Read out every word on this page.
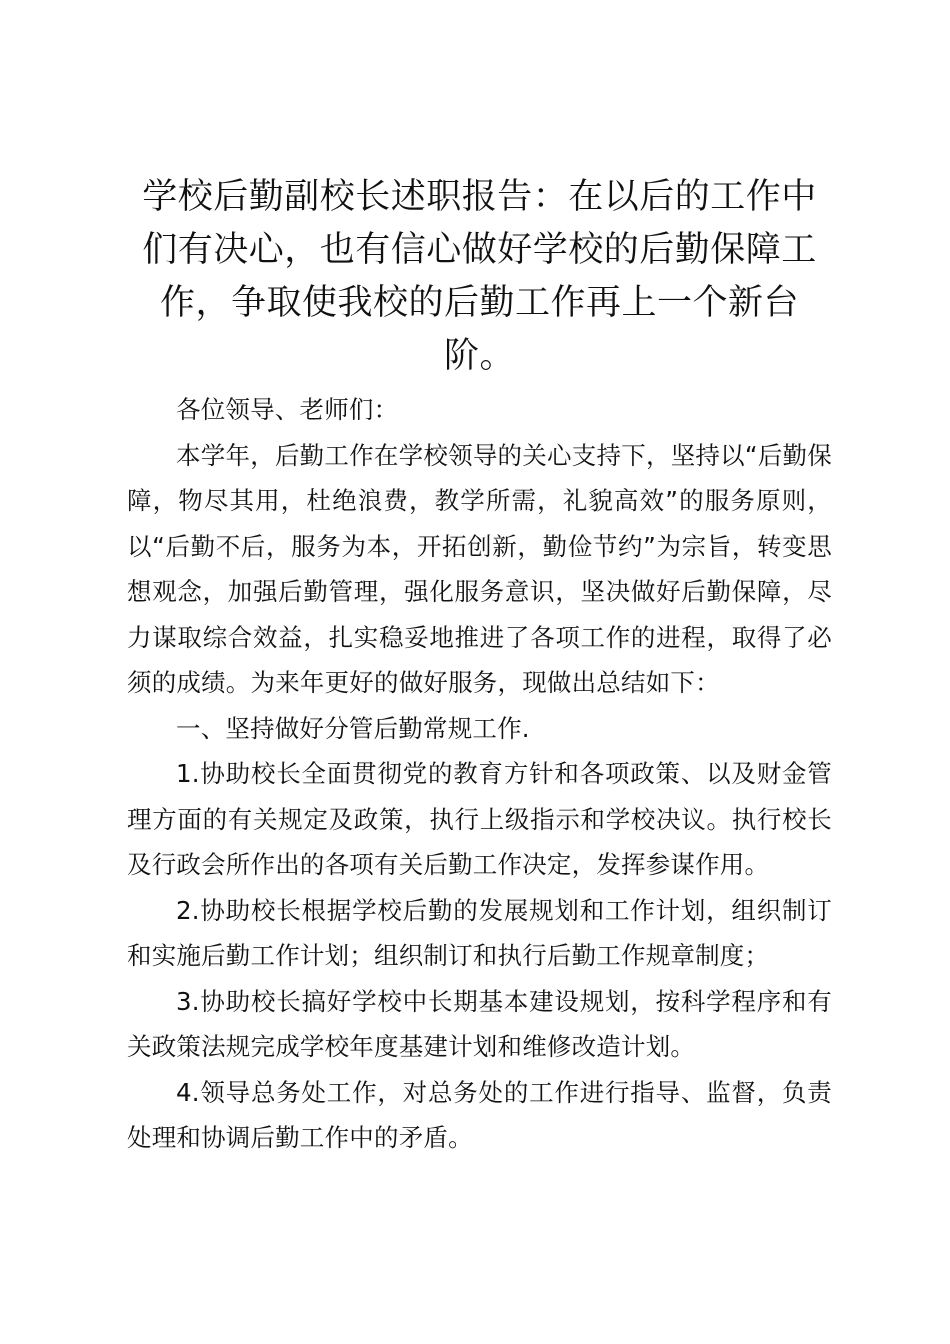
学校后勤副校长述职报告：在以后的工作中们有决心，也有信心做好学校的后勤保障工作，争取使我校的后勤工作再上一个新台阶。

各位领导、老师们：

本学年，后勤工作在学校领导的关心支持下，坚持以“后勤保障，物尽其用，杜绝浪费，教学所需，礼貌高效”的服务原则，以“后勤不后，服务为本，开拓创新，勤俭节约”为宗旨，转变思想观念，加强后勤管理，强化服务意识，坚决做好后勤保障，尽力谋取综合效益，扎实稳妥地推进了各项工作的进程，取得了必须的成绩。为来年更好的做好服务，现做出总结如下：

一、坚持做好分管后勤常规工作.

1.协助校长全面贯彻党的教育方针和各项政策、以及财金管理方面的有关规定及政策，执行上级指示和学校决议。执行校长及行政会所作出的各项有关后勤工作决定，发挥参谋作用。

2.协助校长根据学校后勤的发展规划和工作计划，组织制订和实施后勤工作计划；组织制订和执行后勤工作规章制度；

3.协助校长搞好学校中长期基本建设规划，按科学程序和有关政策法规完成学校年度基建计划和维修改造计划。

4.领导总务处工作，对总务处的工作进行指导、监督，负责处理和协调后勤工作中的矛盾。
